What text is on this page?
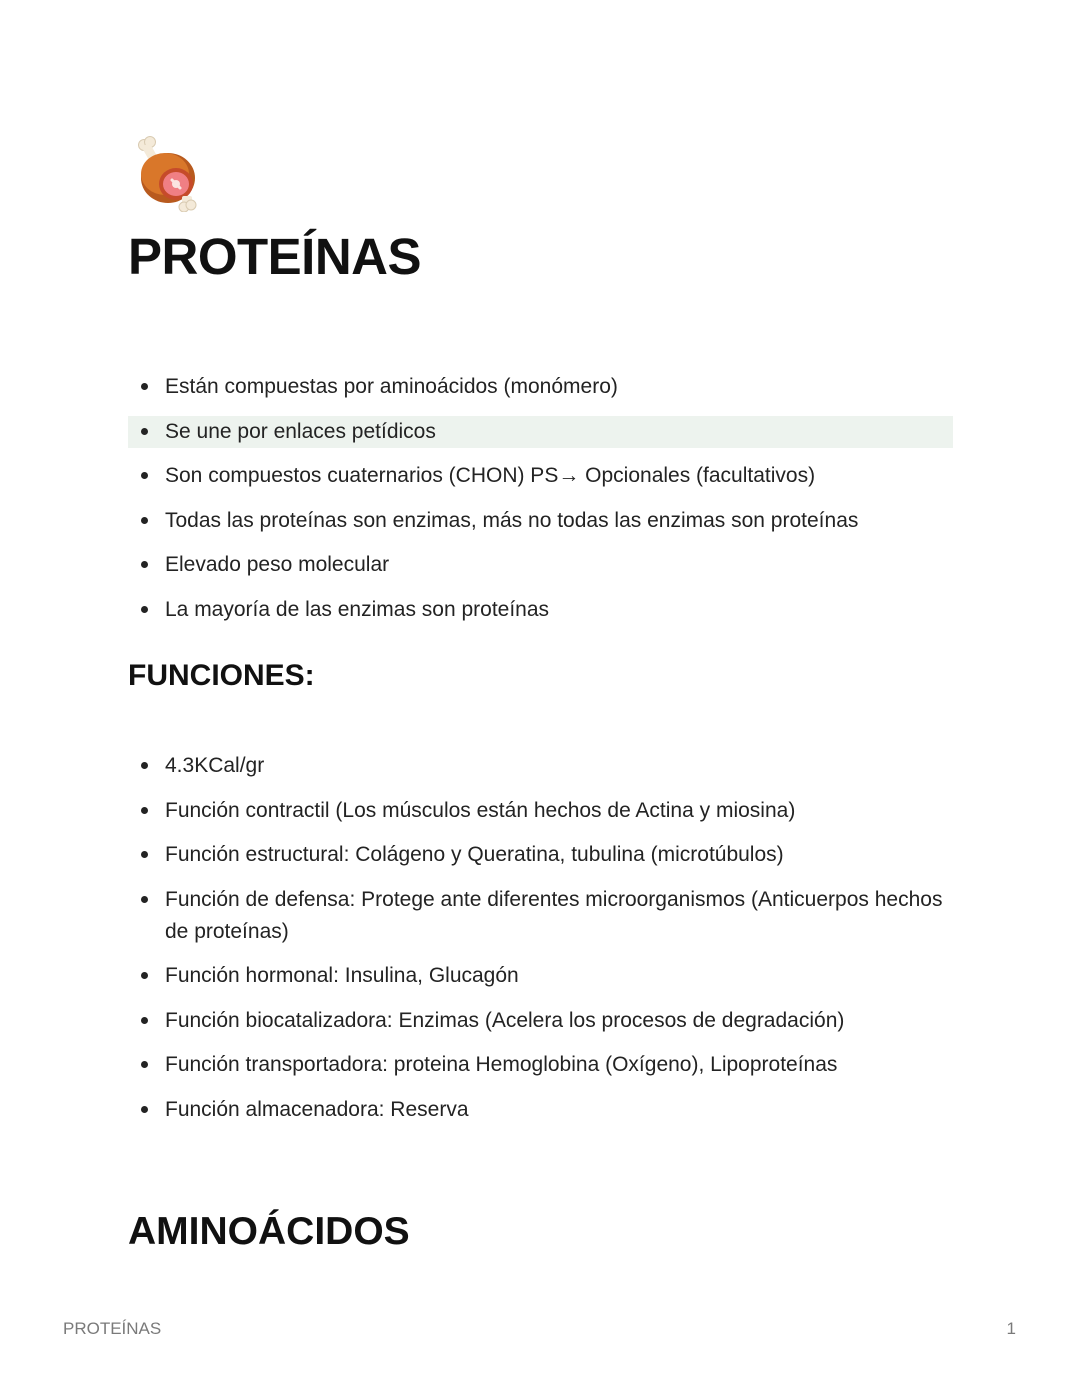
PROTEÍNAS
Están compuestas por aminoácidos (monómero)
Se une por enlaces petídicos
Son compuestos cuaternarios (CHON) PS→ Opcionales (facultativos)
Todas las proteínas son enzimas, más no todas las enzimas son proteínas
Elevado peso molecular
La mayoría de las enzimas son proteínas
FUNCIONES:
4.3KCal/gr
Función contractil (Los músculos están hechos de Actina y miosina)
Función estructural: Colágeno y Queratina, tubulina (microtúbulos)
Función de defensa: Protege ante diferentes microorganismos (Anticuerpos hechos de proteínas)
Función hormonal: Insulina, Glucagón
Función biocatalizadora: Enzimas (Acelera los procesos de degradación)
Función transportadora: proteina Hemoglobina (Oxígeno), Lipoproteínas
Función almacenadora: Reserva
AMINOÁCIDOS
PROTEÍNAS	1
